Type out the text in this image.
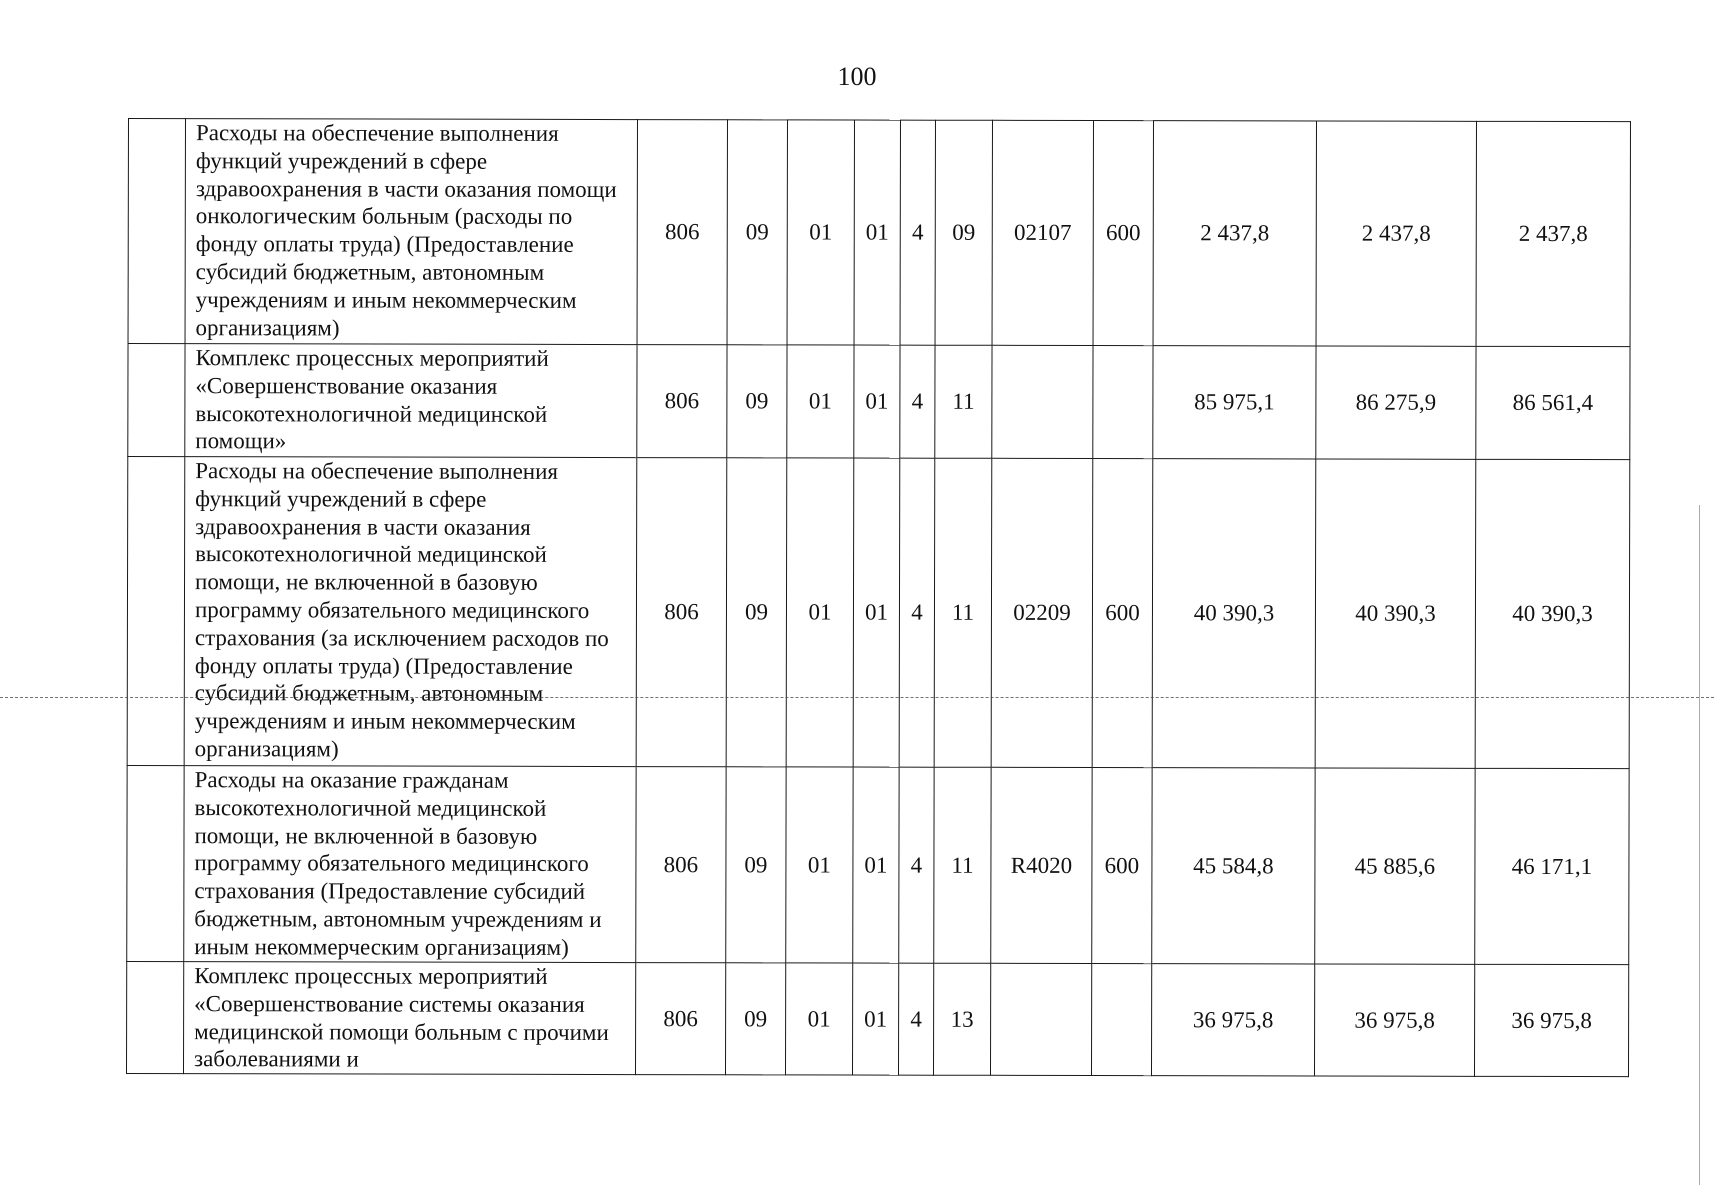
100
	Расходы на обеспечение выполнения функций учреждений в сфере здравоохранения в части оказания помощи онкологическим больным (расходы по фонду оплаты труда) (Предоставление субсидий бюджетным, автономным учреждениям и иным некоммерческим организациям)	806	09	01	01	4	09	02107	600	2 437,8	2 437,8	2 437,8
	Комплекс процессных мероприятий «Совершенствование оказания высокотехнологичной медицинской помощи»	806	09	01	01	4	11			85 975,1	86 275,9	86 561,4
	Расходы на обеспечение выполнения функций учреждений в сфере здравоохранения в части оказания высокотехнологичной медицинской помощи, не включенной в базовую программу обязательного медицинского страхования (за исключением расходов по фонду оплаты труда) (Предоставление субсидий бюджетным, автономным учреждениям и иным некоммерческим организациям)	806	09	01	01	4	11	02209	600	40 390,3	40 390,3	40 390,3
	Расходы на оказание гражданам высокотехнологичной медицинской помощи, не включенной в базовую программу обязательного медицинского страхования (Предоставление субсидий бюджетным, автономным учреждениям и иным некоммерческим организациям)	806	09	01	01	4	11	R4020	600	45 584,8	45 885,6	46 171,1
	Комплекс процессных мероприятий «Совершенствование системы оказания медицинской помощи больным с прочими заболеваниями и	806	09	01	01	4	13			36 975,8	36 975,8	36 975,8
